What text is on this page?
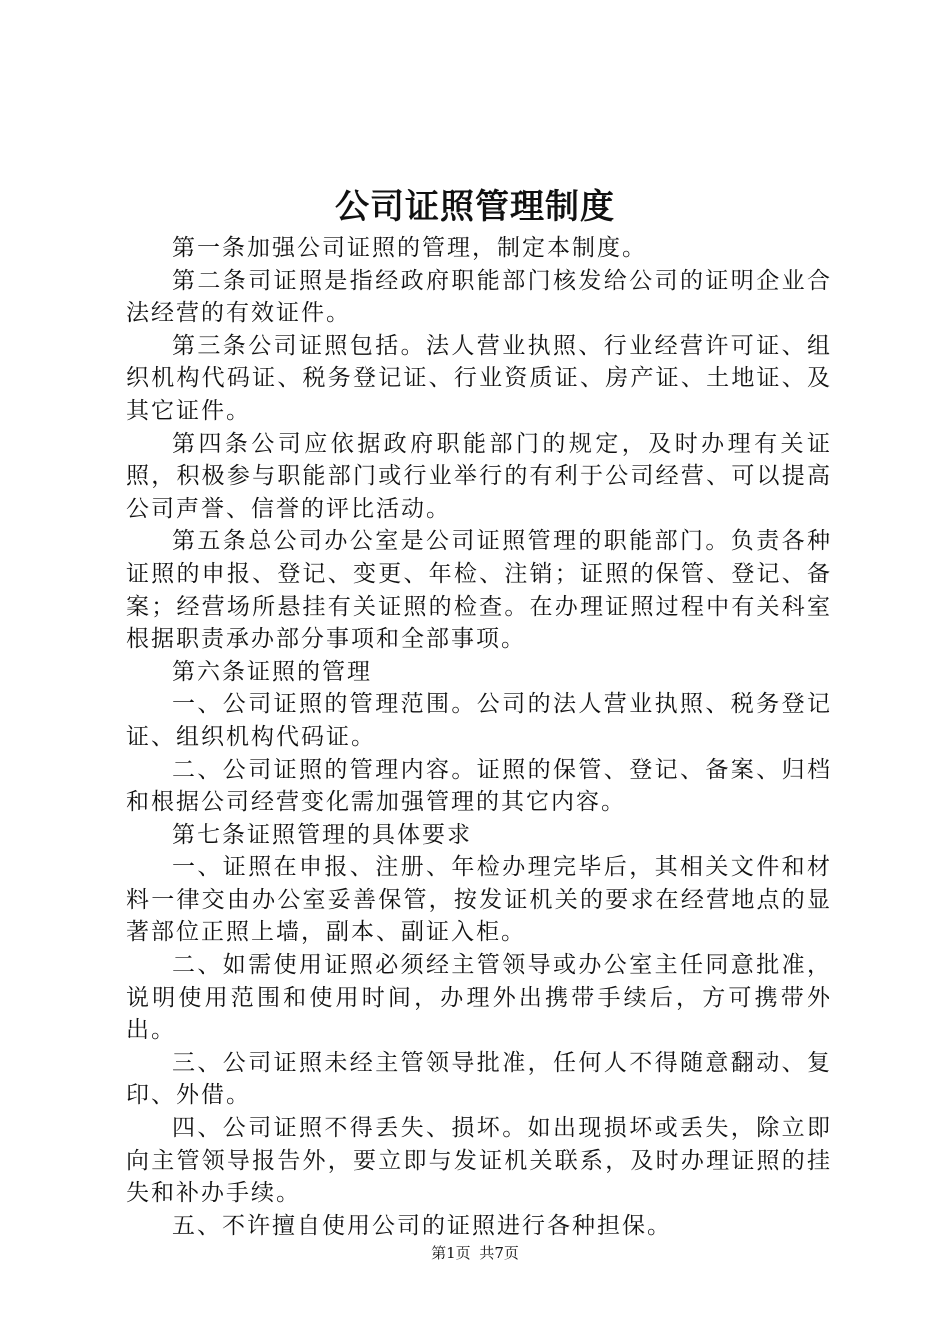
公司证照管理制度

第一条加强公司证照的管理，制定本制度。

第二条司证照是指经政府职能部门核发给公司的证明企业合法经营的有效证件。

第三条公司证照包括。法人营业执照、行业经营许可证、组织机构代码证、税务登记证、行业资质证、房产证、土地证、及其它证件。

第四条公司应依据政府职能部门的规定，及时办理有关证照，积极参与职能部门或行业举行的有利于公司经营、可以提高公司声誉、信誉的评比活动。

第五条总公司办公室是公司证照管理的职能部门。负责各种证照的申报、登记、变更、年检、注销；证照的保管、登记、备案；经营场所悬挂有关证照的检查。在办理证照过程中有关科室根据职责承办部分事项和全部事项。

第六条证照的管理

一、公司证照的管理范围。公司的法人营业执照、税务登记证、组织机构代码证。

二、公司证照的管理内容。证照的保管、登记、备案、归档和根据公司经营变化需加强管理的其它内容。

第七条证照管理的具体要求

一、证照在申报、注册、年检办理完毕后，其相关文件和材料一律交由办公室妥善保管，按发证机关的要求在经营地点的显著部位正照上墙，副本、副证入柜。

二、如需使用证照必须经主管领导或办公室主任同意批准，说明使用范围和使用时间，办理外出携带手续后，方可携带外出。

三、公司证照未经主管领导批准，任何人不得随意翻动、复印、外借。

四、公司证照不得丢失、损坏。如出现损坏或丢失，除立即向主管领导报告外，要立即与发证机关联系，及时办理证照的挂失和补办手续。

五、不许擅自使用公司的证照进行各种担保。

第1页 共7页
